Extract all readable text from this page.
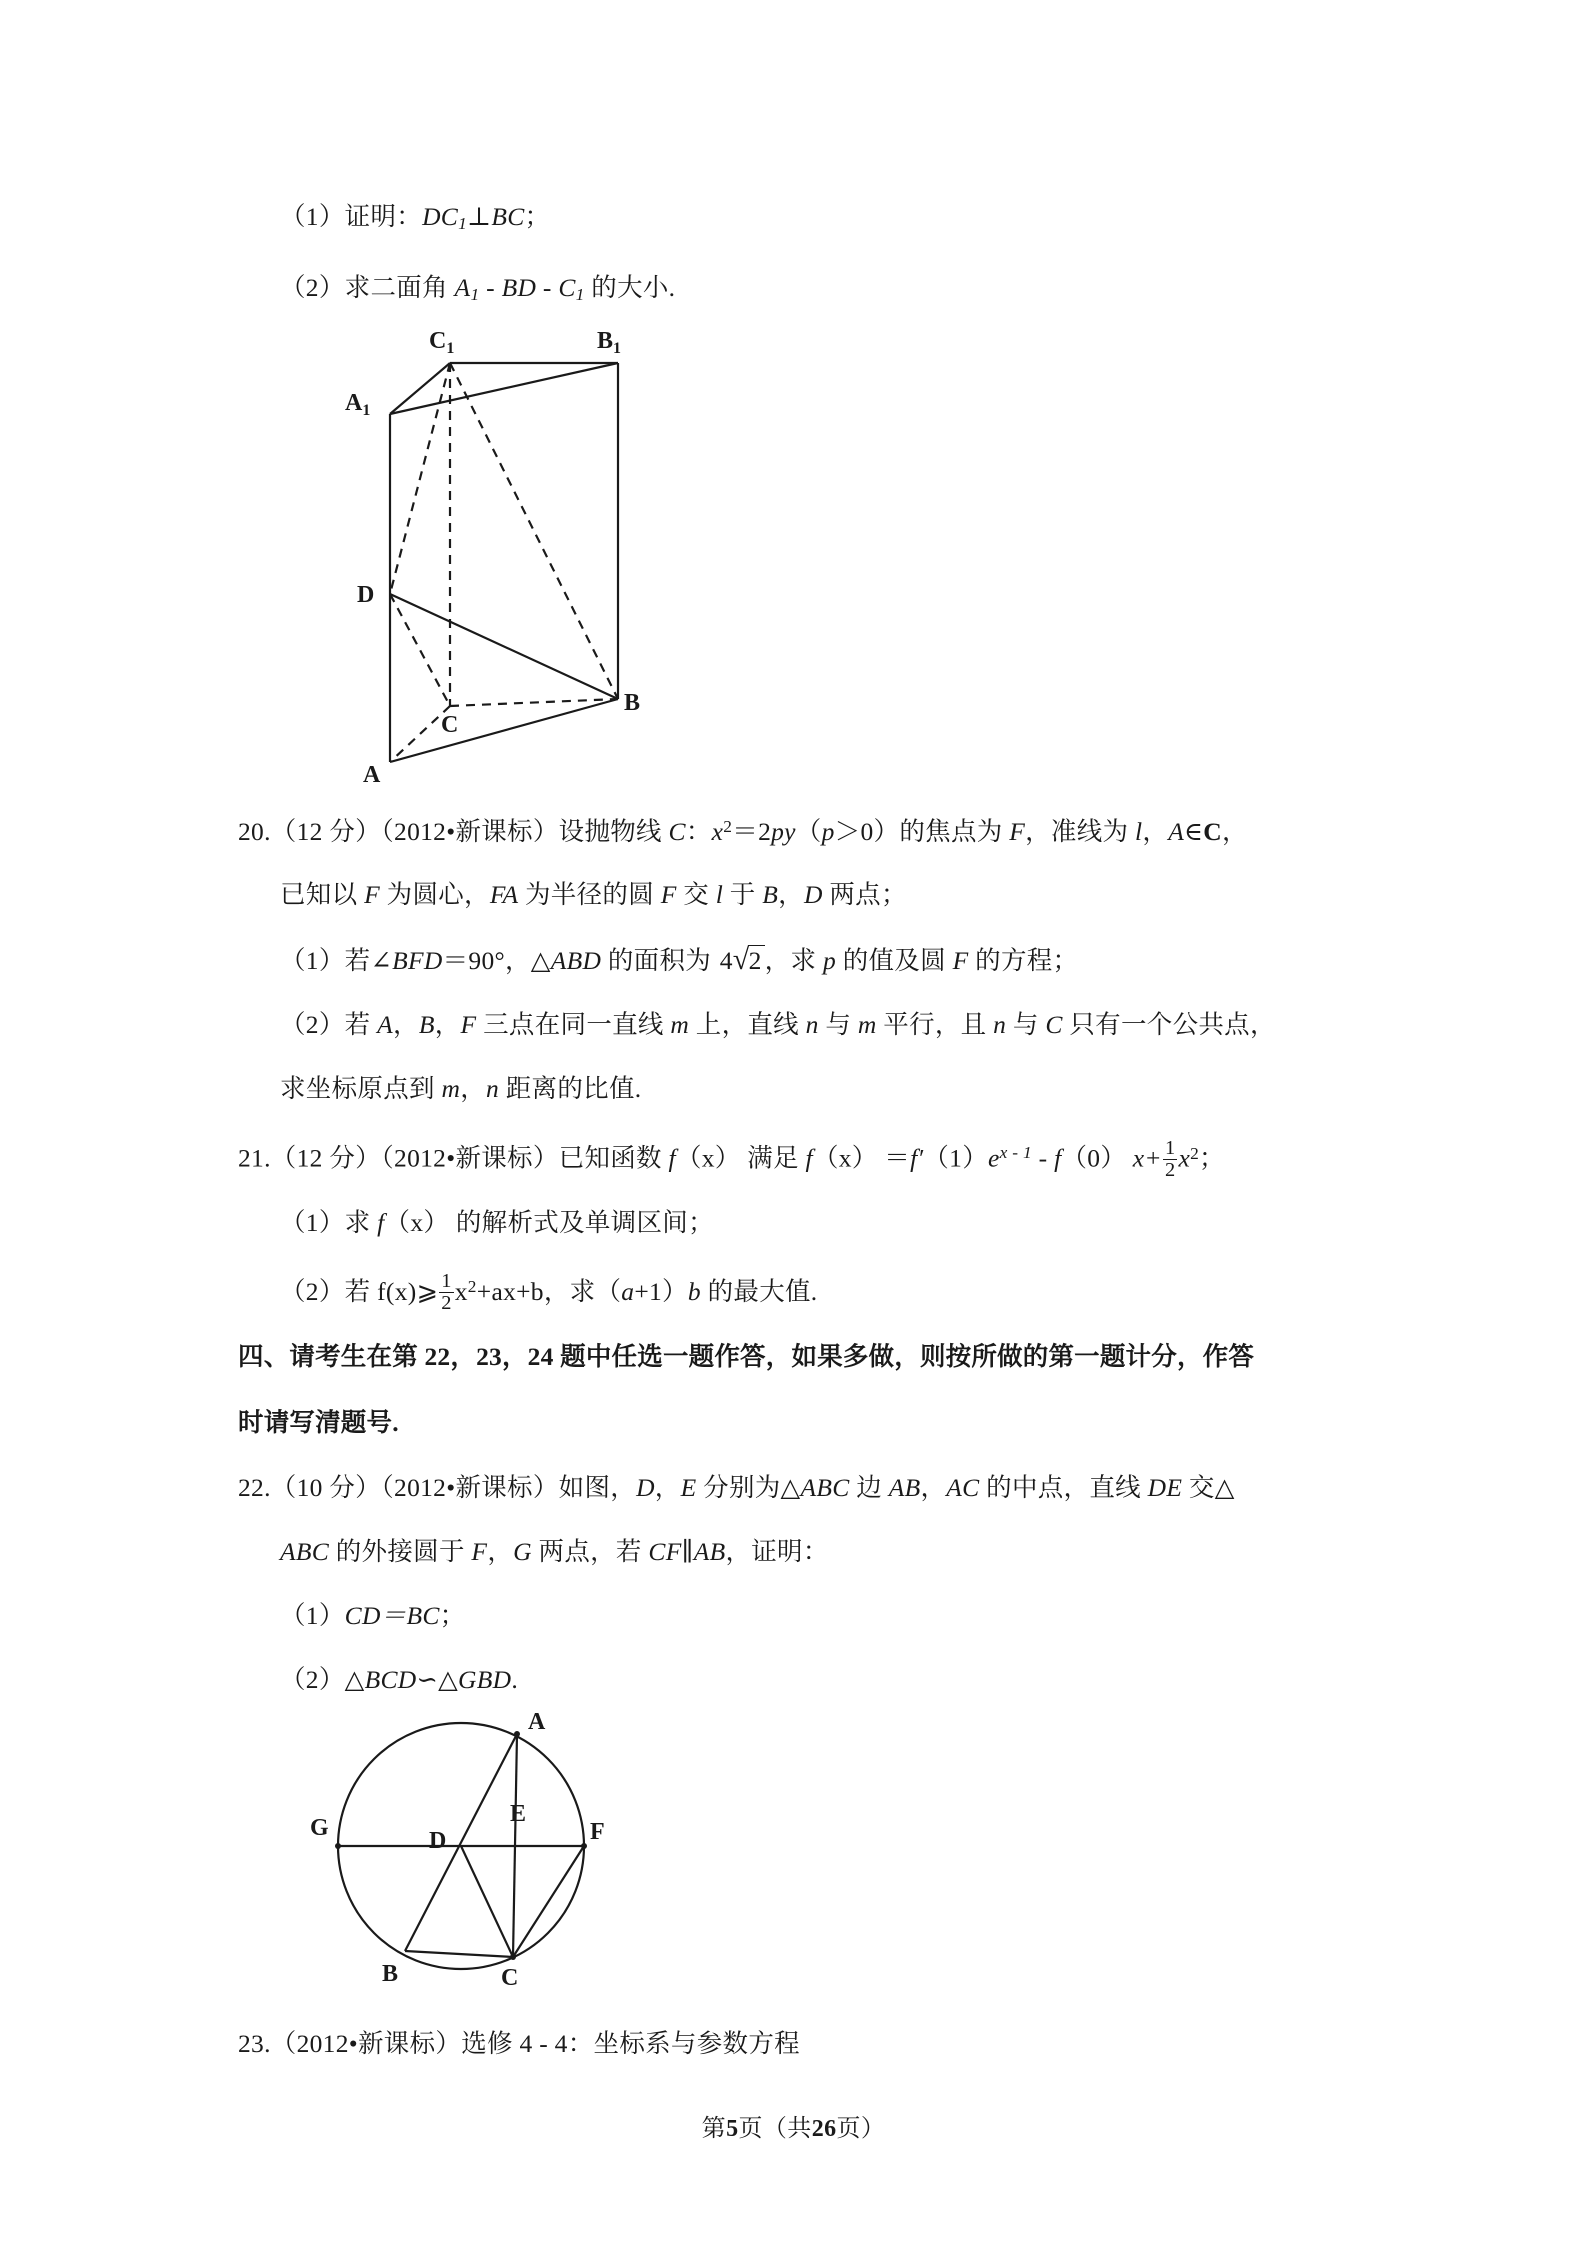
（1）证明：$DC_1\perp BC$；
（2）求二面角 $A_1$ - BD - $C_1$ 的大小.
20.（12 分）（2012•新课标）设抛物线 C：$x^2=2py(p>0)$的焦点为 F，准线为 l，A∈C，
已知以 F 为圆心，FA 为半径的圆 F 交 l 于 B，D 两点；
（1）若∠BFD＝90°，△ABD 的面积为 4√2 ，求 p 的值及圆 F 的方程；
（2）若 A，B，F 三点在同一直线 m 上，直线 n 与 m 平行，且 n 与 C 只有一个公共点，
求坐标原点到 m，n 距离的比值.
21.（12 分）（2012•新课标）已知函数 f（x） 满足 $f(x) =f'(1)e^{x - 1} - f(0)$ $x+ \frac{1}{2} x^2$；
（1）求 f（x） 的解析式及单调区间；
（2）若 f(x)⩾ $\frac{1}{2} x^2+ax+b$，求（a+1）b 的最大值.
四、请考生在第 22，23，24 题中任选一题作答，如果多做，则按所做的第一题计分，作答
时请写清题号.
22.（10 分）（2012•新课标）如图，D，E 分别为△ABC 边 AB，AC 的中点，直线 DE 交△
ABC 的外接圆于 F，G 两点，若 CF∥AB，证明：
（1）CD＝BC；
（2）△BCD∽△GBD.
23.（2012•新课标）选修 4 - 4：坐标系与参数方程
$C_1$	$B_1$
$A_1$
D
B
C
A
A
G	F
E
D
B	C
第5页（共26页）
